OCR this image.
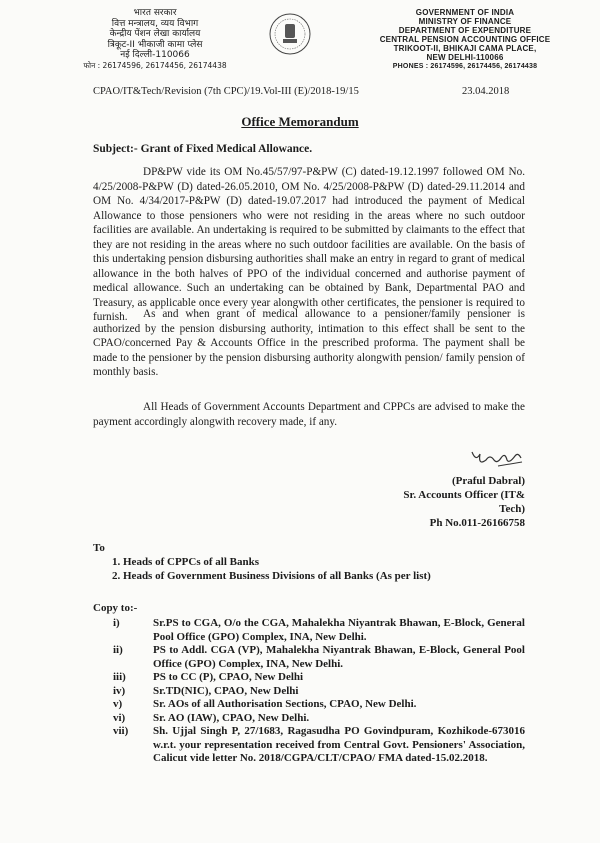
भारत सरकार
वित्त मन्त्रालय, व्यय विभाग
केन्द्रीय पेंशन लेखा कार्यालय
त्रिकूट-II भीकाजी कामा प्लेस
नई दिल्ली-110066
फोन : 26174596, 26174456, 26174438
GOVERNMENT OF INDIA
MINISTRY OF FINANCE
DEPARTMENT OF EXPENDITURE
CENTRAL PENSION ACCOUNTING OFFICE
TRIKOOT-II, BHIKAJI CAMA PLACE,
NEW DELHI-110066
PHONES : 26174596, 26174456, 26174438
CPAO/IT&Tech/Revision (7th CPC)/19.Vol-III (E)/2018-19/15	23.04.2018
Office Memorandum
Subject:- Grant of Fixed Medical Allowance.

DP&PW vide its OM No.45/57/97-P&PW (C) dated-19.12.1997 followed OM No. 4/25/2008-P&PW (D) dated-26.05.2010, OM No. 4/25/2008-P&PW (D) dated-29.11.2014 and OM No. 4/34/2017-P&PW (D) dated-19.07.2017 had introduced the payment of Medical Allowance to those pensioners who were not residing in the areas where no such outdoor facilities are available. An undertaking is required to be submitted by claimants to the effect that they are not residing in the areas where no such outdoor facilities are available. On the basis of this undertaking pension disbursing authorities shall make an entry in regard to grant of medical allowance in the both halves of PPO of the individual concerned and authorise payment of medical allowance. Such an undertaking can be obtained by Bank, Departmental PAO and Treasury, as applicable once every year alongwith other certificates, the pensioner is required to furnish.	As and when grant of medical allowance to a pensioner/family pensioner is authorized by the pension disbursing authority, intimation to this effect shall be sent to the CPAO/concerned Pay & Accounts Office in the prescribed proforma. The payment shall be made to the pensioner by the pension disbursing authority alongwith pension/ family pension of monthly basis.

All Heads of Government Accounts Department and CPPCs are advised to make the payment accordingly alongwith recovery made, if any.

(Praful Dabral)
Sr. Accounts Officer (IT& Tech)
Ph No.011-26166758
To
1. Heads of CPPCs of all Banks
2. Heads of Government Business Divisions of all Banks (As per list)
Copy to:-
i)	Sr.PS to CGA, O/o the CGA, Mahalekha Niyantrak Bhawan, E-Block, General Pool Office (GPO) Complex, INA, New Delhi.
ii)	PS to Addl. CGA (VP), Mahalekha Niyantrak Bhawan, E-Block, General Pool Office (GPO) Complex, INA, New Delhi.
iii)	PS to CC (P), CPAO, New Delhi
iv)	Sr.TD(NIC), CPAO, New Delhi
v)	Sr. AOs of all Authorisation Sections, CPAO, New Delhi.
vi)	Sr. AO (IAW), CPAO, New Delhi.
vii)	Sh. Ujjal Singh P, 27/1683, Ragasudha PO Govindpuram, Kozhikode-673016 w.r.t. your representation received from Central Govt. Pensioners' Association, Calicut vide letter No. 2018/CGPA/CLT/CPAO/ FMA dated-15.02.2018.
